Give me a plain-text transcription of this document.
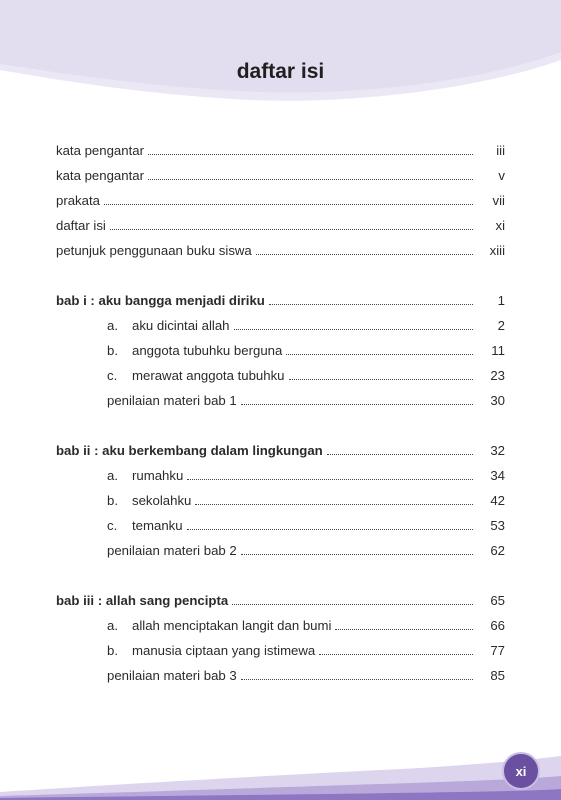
daftar isi
kata pengantar	iii
kata pengantar	v
prakata	vii
daftar isi	xi
petunjuk penggunaan buku siswa	xiii
bab i : aku bangga menjadi diriku	1
a.	aku dicintai allah	2
b.	anggota tubuhku berguna	11
c.	merawat anggota tubuhku	23
penilaian materi bab 1	30
bab ii : aku berkembang dalam lingkungan	32
a.	rumahku	34
b.	sekolahku	42
c.	temanku	53
penilaian materi bab 2	62
bab iii : allah sang pencipta	65
a.	allah menciptakan langit dan bumi	66
b.	manusia ciptaan yang istimewa	77
penilaian materi bab 3	85
xi
